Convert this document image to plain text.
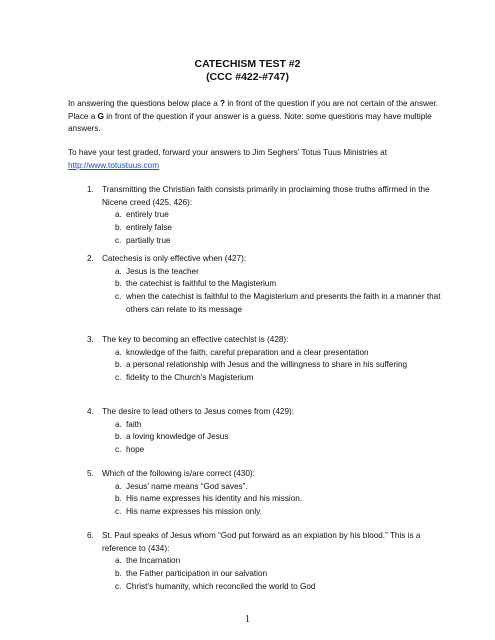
CATECHISM TEST #2
(CCC #422-#747)
In answering the questions below place a ? in front of the question if you are not certain of the answer. Place a G in front of the question if your answer is a guess. Note: some questions may have multiple answers.
To have your test graded, forward your answers to Jim Seghers’ Totus Tuus Ministries at
http://www.totustuus.com
1. Transmitting the Christian faith consists primarily in proclaiming those truths affirmed in the Nicene creed (425, 426):
a. entirely true
b. entirely false
c. partially true
2. Catechesis is only effective when (427):
a. Jesus is the teacher
b. the catechist is faithful to the Magisterium
c. when the catechist is faithful to the Magisterium and presents the faith in a manner that others can relate to its message
3. The key to becoming an effective catechist is (428):
a. knowledge of the faith, careful preparation and a clear presentation
b. a personal relationship with Jesus and the willingness to share in his suffering
c. fidelity to the Church’s Magisterium
4. The desire to lead others to Jesus comes from (429):
a. faith
b. a loving knowledge of Jesus
c. hope
5. Which of the following is/are correct (430):
a. Jesus’ name means “God saves”.
b. His name expresses his identity and his mission.
c. His name expresses his mission only.
6. St. Paul speaks of Jesus whom “God put forward as an expiation by his blood.” This is a reference to (434):
a. the Incarnation
b. the Father participation in our salvation
c. Christ’s humanity, which reconciled the world to God
1
